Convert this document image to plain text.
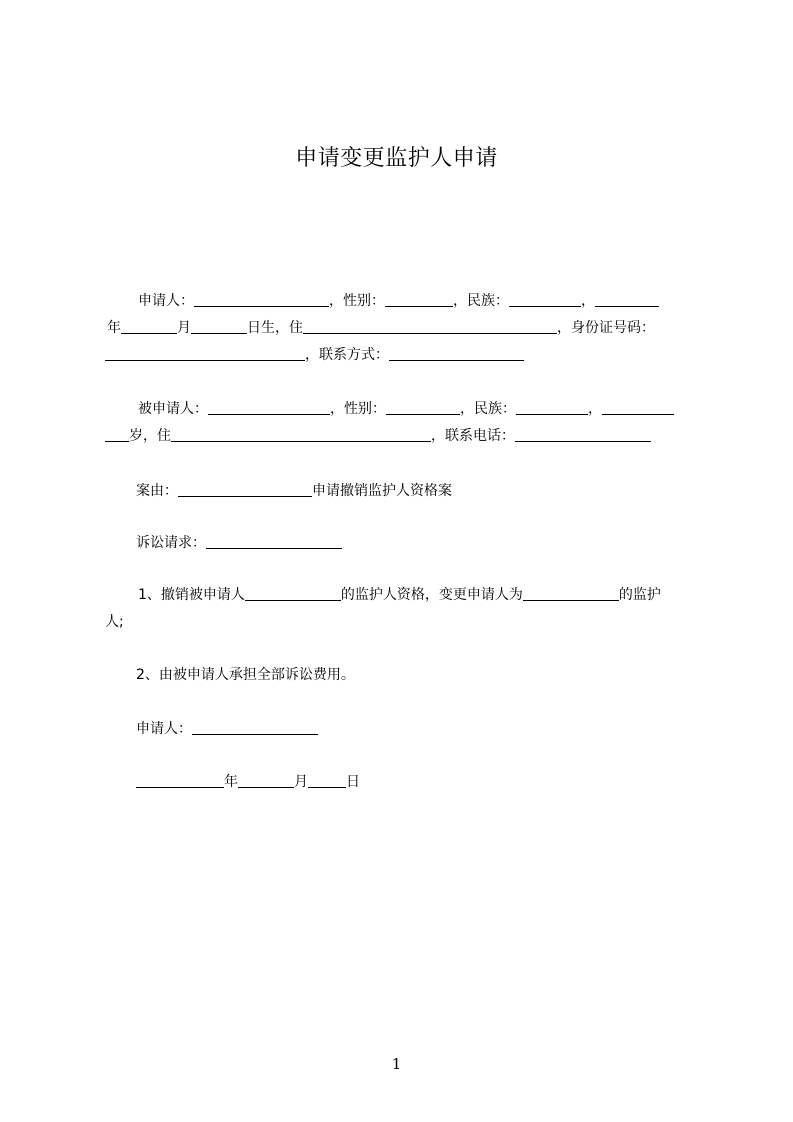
申请变更监护人申请
申请人：	，性别：	，民族：	，
年	月	日生，住	，身份证号码：
，联系方式：
被申请人：	，性别：	，民族：	，
岁，住	，联系电话：
案由：	申请撤销监护人资格案
诉讼请求：
1、撤销被申请人	的监护人资格，变更申请人为	的监护
人;
2、由被申请人承担全部诉讼费用。
申请人：
年	月	日
1
